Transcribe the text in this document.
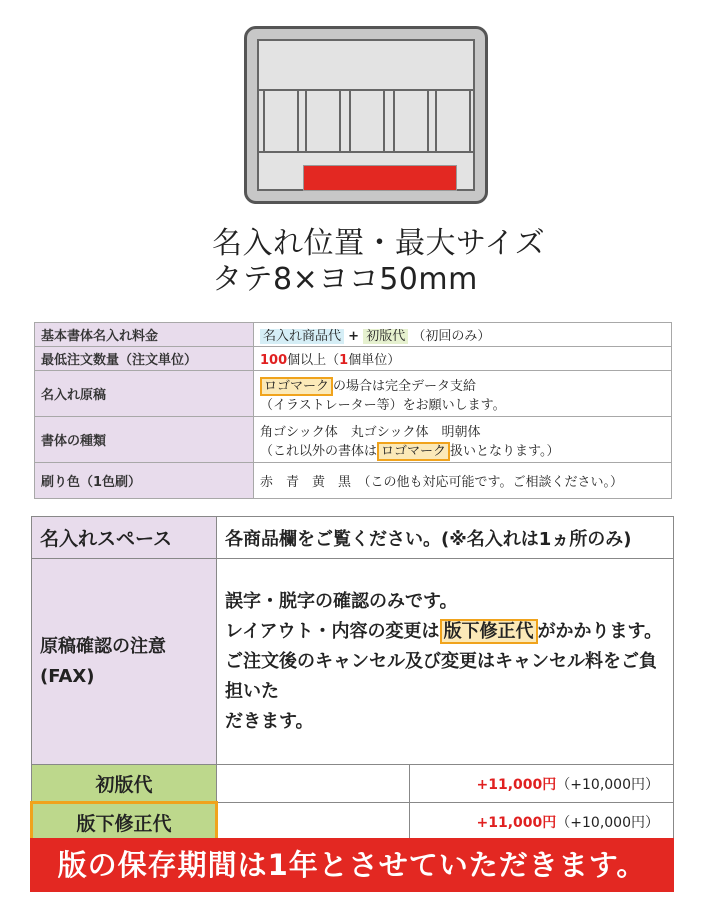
名入れ位置・最大サイズ
タテ8×ヨコ50mm
基本書体名入れ料金	名入れ商品代 + 初版代 （初回のみ）
最低注文数量（注文単位）	100個以上（1個単位）
名入れ原稿	ロゴマーク の場合は完全データ支給
（イラストレーター等）をお願いします。
書体の種類	角ゴシック体　丸ゴシック体　明朝体
（これ以外の書体は ロゴマーク 扱いとなります。）
刷り色（1色刷）	赤　青　黄　黒　（この他も対応可能です。ご相談ください。）
名入れスペース	各商品欄をご覧ください。(※名入れは1ヵ所のみ)	

原稿確認の注意
(FAX)	誤字・脱字の確認のみです。
レイアウト・内容の変更は 版下修正代 がかかります。
ご注文後のキャンセル及び変更はキャンセル料をご負担いた
だきます。	

初版代		+11,000円（+10,000円）
版下修正代		+11,000円（+10,000円）
版の保存期間は1年とさせていただきます。
